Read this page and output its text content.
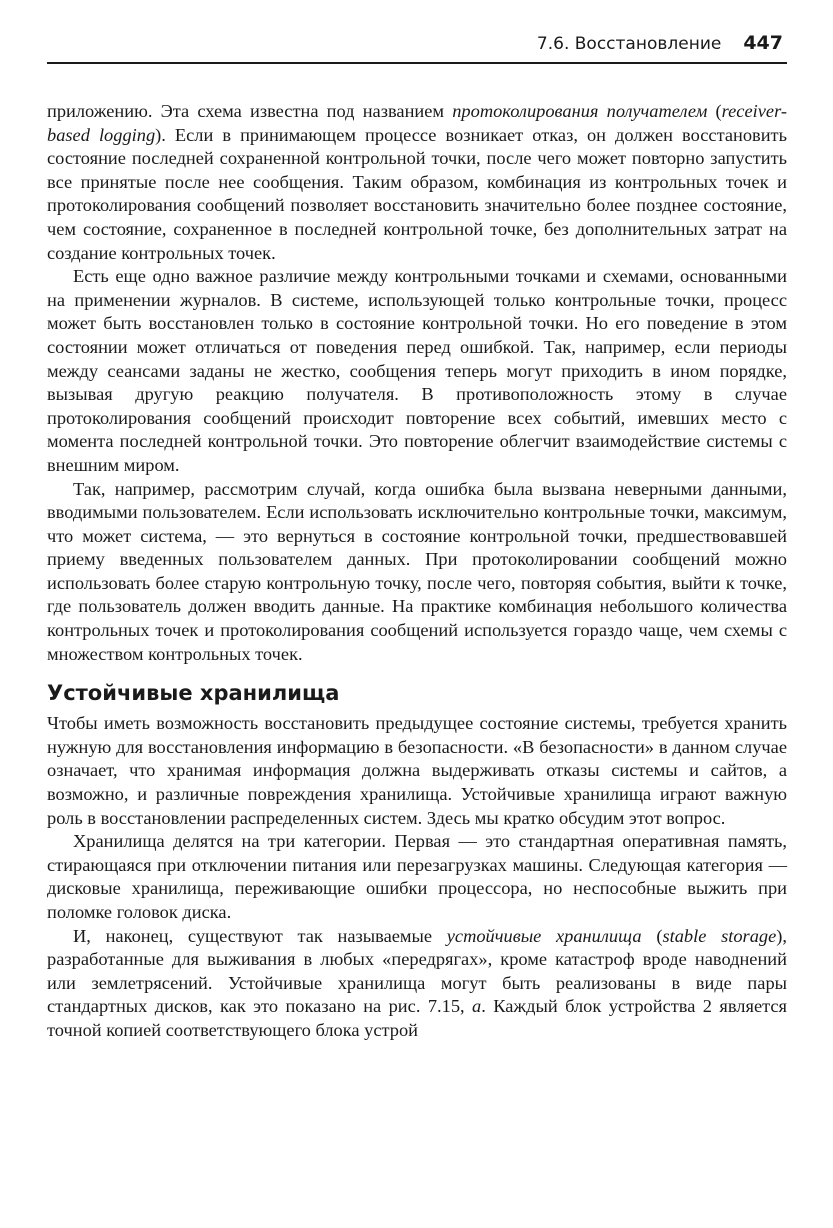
7.6. Восстановление 447

приложению. Эта схема известна под названием протоколирования получателем (receiver-based logging). Если в принимающем процессе возникает отказ, он должен восстановить состояние последней сохраненной контрольной точки, после чего может повторно запустить все принятые после нее сообщения. Таким образом, комбинация из контрольных точек и протоколирования сообщений позволяет восстановить значительно более позднее состояние, чем состояние, сохраненное в последней контрольной точке, без дополнительных затрат на создание контрольных точек.

Есть еще одно важное различие между контрольными точками и схемами, основанными на применении журналов. В системе, использующей только контрольные точки, процесс может быть восстановлен только в состояние контрольной точки. Но его поведение в этом состоянии может отличаться от поведения перед ошибкой. Так, например, если периоды между сеансами заданы не жестко, сообщения теперь могут приходить в ином порядке, вызывая другую реакцию получателя. В противоположность этому в случае протоколирования сообщений происходит повторение всех событий, имевших место с момента последней контрольной точки. Это повторение облегчит взаимодействие системы с внешним миром.

Так, например, рассмотрим случай, когда ошибка была вызвана неверными данными, вводимыми пользователем. Если использовать исключительно контрольные точки, максимум, что может система, — это вернуться в состояние контрольной точки, предшествовавшей приему введенных пользователем данных. При протоколировании сообщений можно использовать более старую контрольную точку, после чего, повторяя события, выйти к точке, где пользователь должен вводить данные. На практике комбинация небольшого количества контрольных точек и протоколирования сообщений используется гораздо чаще, чем схемы с множеством контрольных точек.

Устойчивые хранилища

Чтобы иметь возможность восстановить предыдущее состояние системы, требуется хранить нужную для восстановления информацию в безопасности. «В безопасности» в данном случае означает, что хранимая информация должна выдерживать отказы системы и сайтов, а возможно, и различные повреждения хранилища. Устойчивые хранилища играют важную роль в восстановлении распределенных систем. Здесь мы кратко обсудим этот вопрос.

Хранилища делятся на три категории. Первая — это стандартная оперативная память, стирающаяся при отключении питания или перезагрузках машины. Следующая категория — дисковые хранилища, переживающие ошибки процессора, но неспособные выжить при поломке головок диска.

И, наконец, существуют так называемые устойчивые хранилища (stable storage), разработанные для выживания в любых «передрягах», кроме катастроф вроде наводнений или землетрясений. Устойчивые хранилища могут быть реализованы в виде пары стандартных дисков, как это показано на рис. 7.15, а. Каждый блок устройства 2 является точной копией соответствующего блока устрой
